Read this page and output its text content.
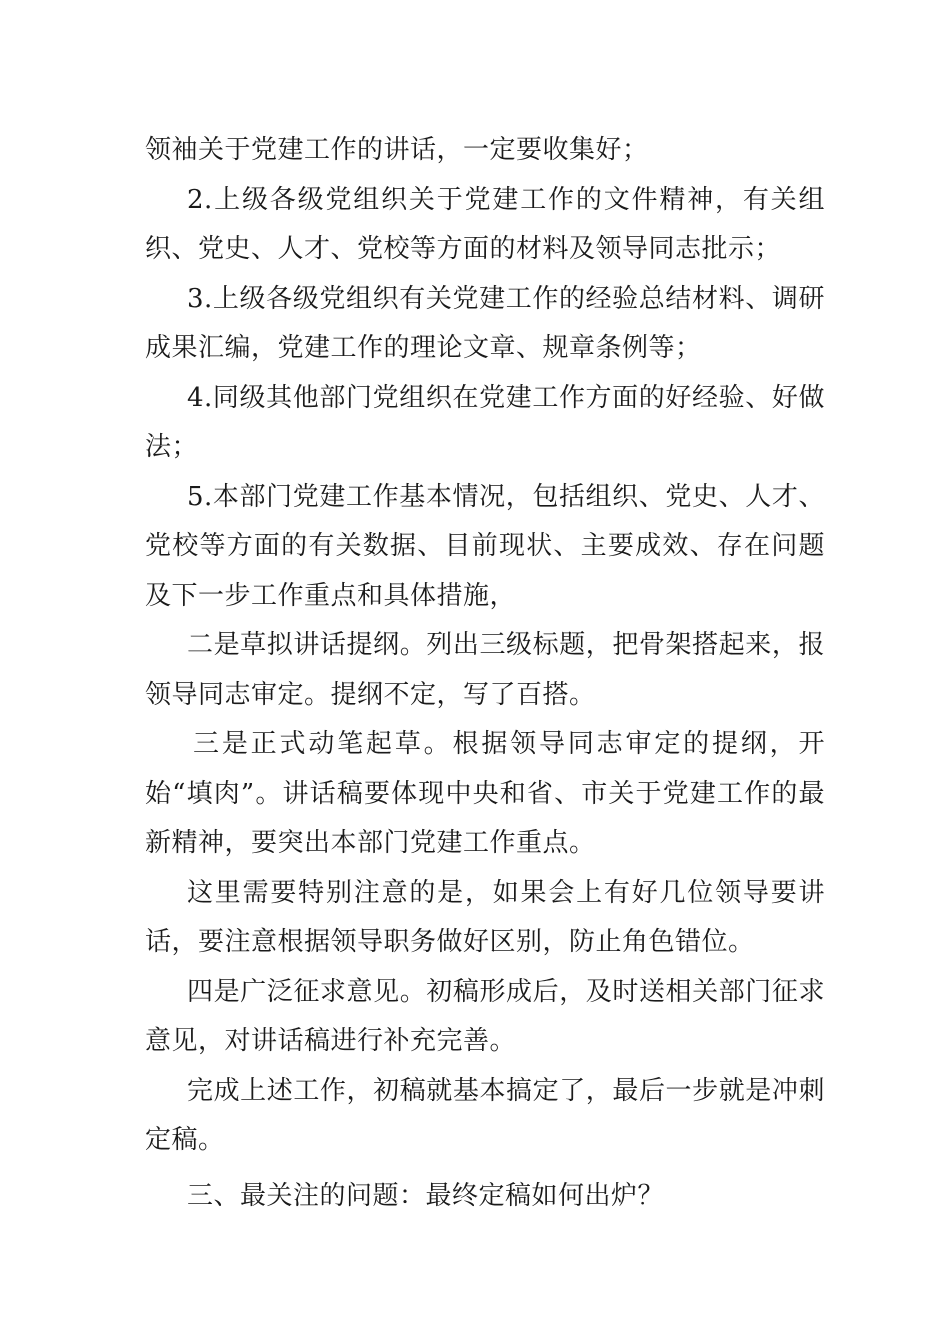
领袖关于党建工作的讲话，一定要收集好；

2.上级各级党组织关于党建工作的文件精神，有关组织、党史、人才、党校等方面的材料及领导同志批示；

3.上级各级党组织有关党建工作的经验总结材料、调研成果汇编，党建工作的理论文章、规章条例等；

4.同级其他部门党组织在党建工作方面的好经验、好做法；

5.本部门党建工作基本情况，包括组织、党史、人才、党校等方面的有关数据、目前现状、主要成效、存在问题及下一步工作重点和具体措施，

二是草拟讲话提纲。列出三级标题，把骨架搭起来，报领导同志审定。提纲不定，写了百搭。

三是正式动笔起草。根据领导同志审定的提纲，开始“填肉”。讲话稿要体现中央和省、市关于党建工作的最新精神，要突出本部门党建工作重点。

这里需要特别注意的是，如果会上有好几位领导要讲话，要注意根据领导职务做好区别，防止角色错位。

四是广泛征求意见。初稿形成后，及时送相关部门征求意见，对讲话稿进行补充完善。

完成上述工作，初稿就基本搞定了，最后一步就是冲刺定稿。

三、最关注的问题：最终定稿如何出炉？
